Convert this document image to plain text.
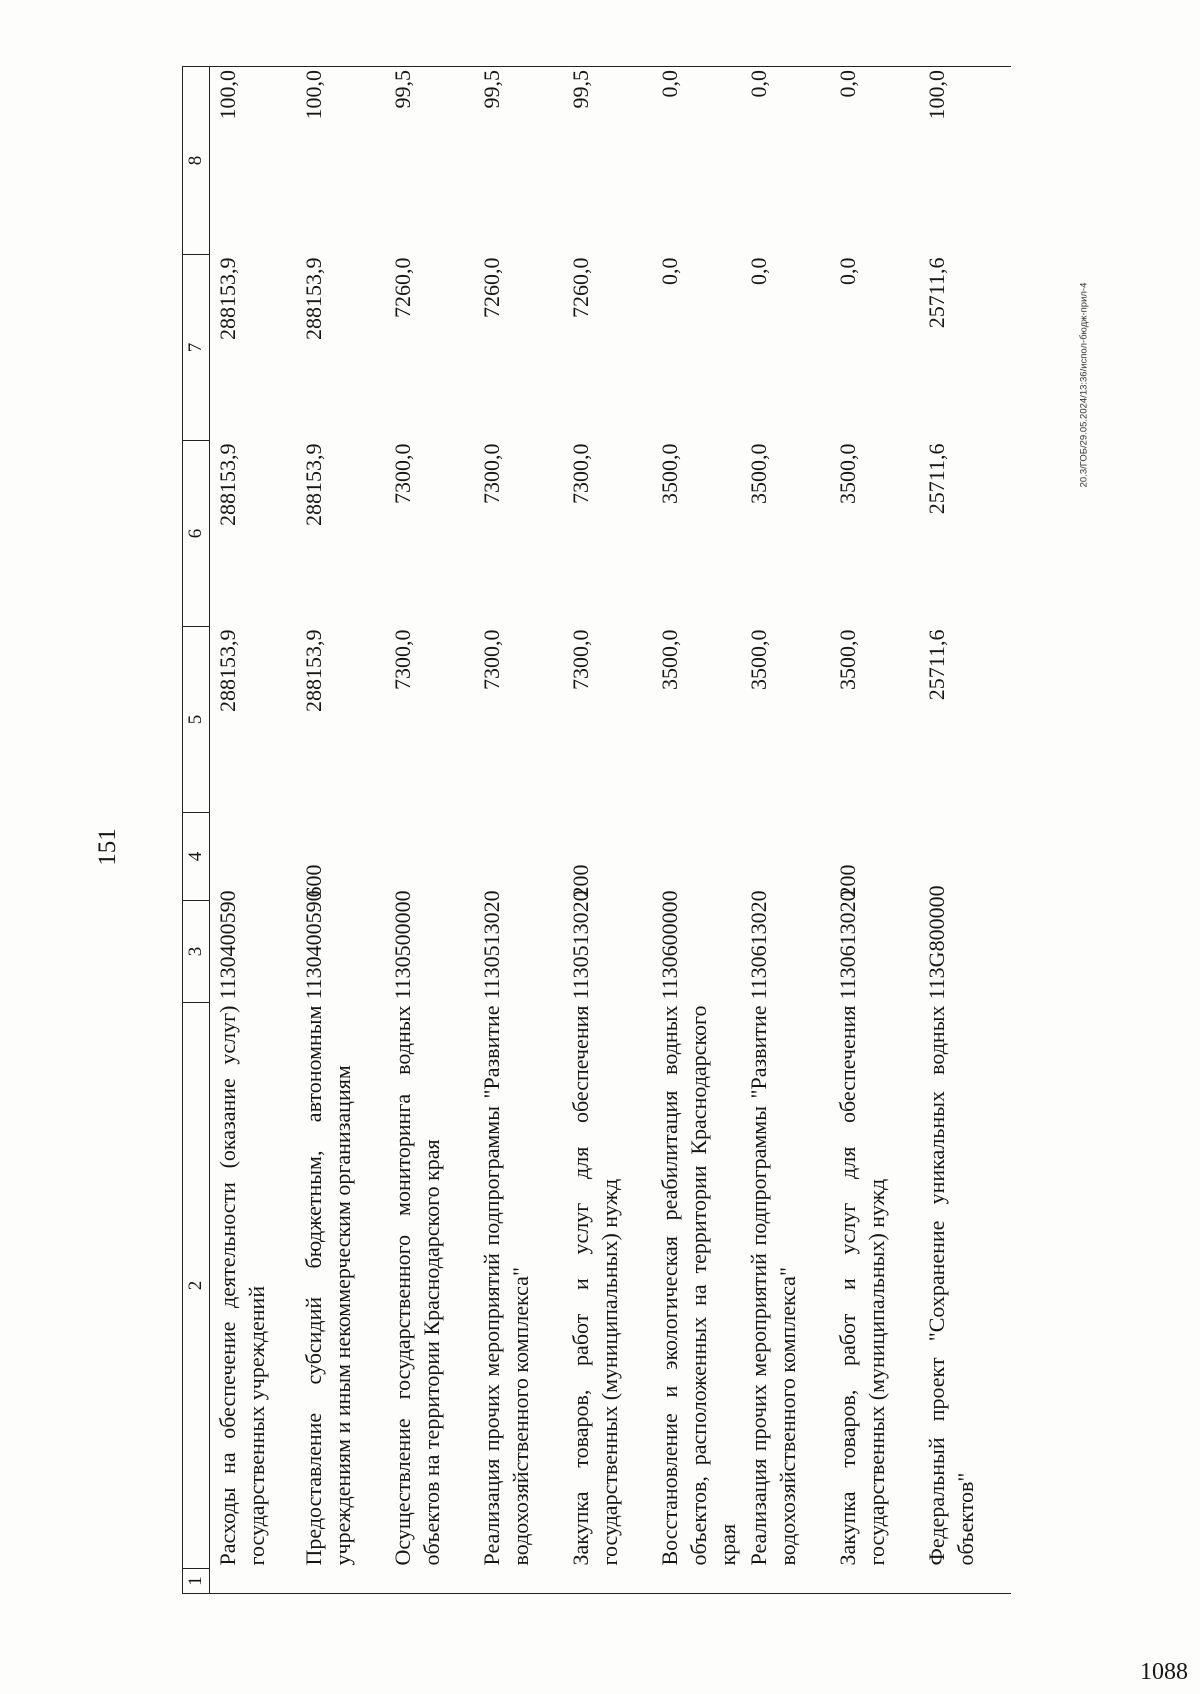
151
1	2	3	4	5	6	7	8
	Расходы на обеспечение деятельности (оказание услуг) государственных учреждений	1130400590		288153,9	288153,9	288153,9	100,0
	Предоставление субсидий бюджетным, автономным учреждениям и иным некоммерческим организациям	1130400590	600	288153,9	288153,9	288153,9	100,0
	Осуществление государственного мониторинга водных объектов на территории Краснодарского края	1130500000		7300,0	7300,0	7260,0	99,5
	Реализация прочих мероприятий подпрограммы "Развитие водохозяйственного комплекса"	1130513020		7300,0	7300,0	7260,0	99,5
	Закупка товаров, работ и услуг для обеспечения государственных (муниципальных) нужд	1130513020	200	7300,0	7300,0	7260,0	99,5
	Восстановление и экологическая реабилитация водных объектов, расположенных на территории Краснодарского края	1130600000		3500,0	3500,0	0,0	0,0
	Реализация прочих мероприятий подпрограммы "Развитие водохозяйственного комплекса"	1130613020		3500,0	3500,0	0,0	0,0
	Закупка товаров, работ и услуг для обеспечения государственных (муниципальных) нужд	1130613020	200	3500,0	3500,0	0,0	0,0
	Федеральный проект "Сохранение уникальных водных объектов"	113G800000		25711,6	25711,6	25711,6	100,0
20.3/ГОБ/29.05.2024/13:36/испол-бюдж-прил-4
1088
